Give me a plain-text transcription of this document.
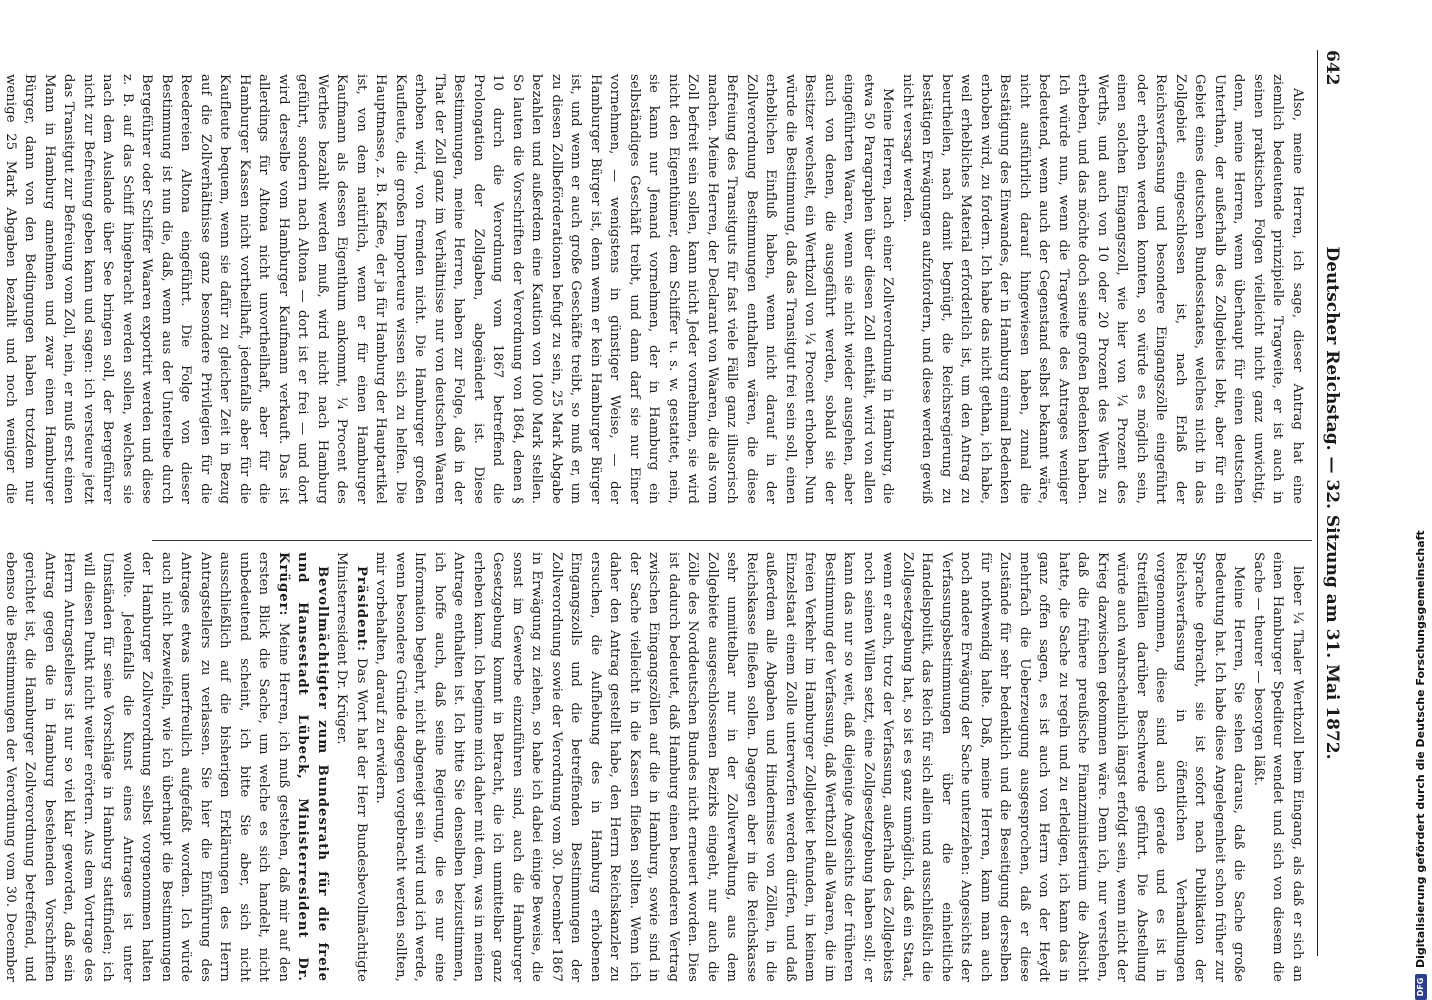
642
Deutscher Reichstag. — 32. Sitzung am 31. Mai 1872.

Also, meine Herren, ich sage, dieser Antrag hat eine ziemlich bedeutende prinzipielle Tragweite, er ist auch in seinen praktischen Folgen vielleicht nicht ganz unwichtig, denn, meine Herren, wenn überhaupt für einen deutschen Unterthan, der außerhalb des Zollgebiets lebt, aber für ein Gebiet eines deutschen Bundesstaates, welches nicht in das Zollgebiet eingeschlossen ist, nach Erlaß der Reichsverfassung und besondere Eingangszölle eingeführt oder erhoben werden konnten, so würde es möglich sein, einen solchen Eingangszoll, wie hier von ¼ Prozent des Werths, und auch von 10 oder 20 Prozent des Werths zu erheben, und das möchte doch seine großen Bedenken haben. Ich würde nun, wenn die Tragweite des Antrages weniger bedeutend, wenn auch der Gegenstand selbst bekannt wäre, nicht ausführlich darauf hingewiesen haben, zumal die Bestätigung des Einwandes, der in Hamburg einmal Bedenken erhoben wird, zu fordern. Ich habe das nicht gethan, ich habe, weil erhebliches Material erforderlich ist, um den Antrag zu beurtheilen, nach damit begnügt, die Reichsregierung zu bestätigen Erwägungen aufzufordern, und diese werden gewiß nicht versagt werden.

Meine Herren, nach einer Zollverordnung in Hamburg, die etwa 50 Paragraphen über diesen Zoll enthält, wird von allen eingeführten Waaren, wenn sie nicht wieder ausgehen, aber auch von denen, die ausgeführt werden, sobald sie der Besitzer wechselt, ein Werthzoll von ¼ Procent erhoben. Nun würde die Bestimmung, daß das Transitgut frei sein soll, einen erheblichen Einfluß haben, wenn nicht darauf in der Zollverordnung Bestimmungen enthalten wären, die diese Befreiung des Transitguts für fast viele Fälle ganz illusorisch machen. Meine Herren, der Declarant von Waaren, die als vom Zoll befreit sein sollen, kann nicht Jeder vornehmen, sie wird nicht den Eigenthümer, dem Schiffer u. s. w. gestattet, nein, sie kann nur Jemand vornehmen, der in Hamburg ein selbständiges Geschäft treibt, und dann darf sie nur Einer vornehmen, — wenigstens in günstiger Weise, — der Hamburger Bürger ist, denn wenn er kein Hamburger Bürger ist, und wenn er auch große Geschäfte treibt, so muß er, um zu diesen Zollbeförderationen befugt zu sein, 25 Mark Abgabe bezahlen und außerdem eine Kaution von 1000 Mark stellen. So lauten die Vorschriften der Verordnung von 1864, denen § 10 durch die Verordnung vom 1867 betreffend die Prolongation der Zollgaben, abgeändert ist. Diese Bestimmungen, meine Herren, haben zur Folge, daß in der That der Zoll ganz im Verhältnisse nur von deutschen Waaren erhoben wird, von fremden nicht. Die Hamburger großen Kaufleute, die großen Importeure wissen sich zu helfen. Die Hauptmasse, z. B. Kaffee, der ja für Hamburg der Hauptartikel ist, von dem natürlich, wenn er für einen Hamburger Kaufmann als dessen Eigenthum ankommt, ¼ Procent des Werthes bezahlt werden muß, wird nicht nach Hamburg geführt, sondern nach Altona — dort ist er frei — und dort wird derselbe vom Hamburger Kaufmann verkauft. Das ist allerdings für Altona nicht unvortheilhaft, aber für die Hamburger Kassen nicht vortheilhaft, jedenfalls aber für die Kaufleute bequem, wenn sie dafür zu gleicher Zeit in Bezug auf die Zollverhältnisse ganz besondere Privilegien für die Reedereien Altona eingeführt. Die Folge von dieser Bestimmung ist nun die, daß, wenn aus der Unterelbe durch Bergeführer oder Schiffer Waaren exportirt werden und diese z. B. auf das Schiff hingebracht werden sollen, welches sie nach dem Auslande über See bringen soll, der Bergeführer nicht zur Befreiung geben kann und sagen: ich versteure jetzt das Transitgut zur Befreiung vom Zoll, nein, er muß erst einen Mann in Hamburg annehmen und zwar einen Hamburger Bürger, dann von den Bedingungen haben trotzdem nur wenige 25 Mark Abgaben bezahlt und noch weniger die

lieber ¼ Thaler Werthzoll beim Eingang, als daß er sich an einen Hamburger Spediteur wendet und sich von diesem die Sache — theurer — besorgen läßt.

Meine Herren, Sie sehen daraus, daß die Sache große Bedeutung hat. Ich habe diese Angelegenheit schon früher zur Sprache gebracht, sie ist sofort nach Publikation der Reichsverfassung in öffentlichen Verhandlungen vorgenommen, diese sind auch gerade und es ist in Streitfällen darüber Beschwerde geführt. Die Abstellung würde auch wahrscheinlich längst erfolgt sein, wenn nicht der Krieg dazwischen gekommen wäre. Denn ich, nur verstehen, daß die frühere preußische Finanzministerium die Absicht hatte, die Sache zu regeln und zu erledigen, ich kann das in ganz offen sagen, es ist auch von Herrn von der Heydt mehrfach die Ueberzeugung ausgesprochen, daß er diese Zustände für sehr bedenklich und die Beseitigung derselben für nothwendig halte. Daß, meine Herren, kann man auch noch andere Erwägung der Sache unterziehen: Angesichts der Verfassungsbestimmungen über die einheitliche Handelspolitik, das Reich für sich allein und ausschließlich die Zollgesetzgebung hat, so ist es ganz unmöglich, daß ein Staat, wenn er auch, trotz der Verfassung, außerhalb des Zollgebiets noch seinen Willen setzt, eine Zollgesetzgebung haben soll; er kann das nur so weit, daß diejenige Angesichts der früheren Bestimmung der Verfassung, daß Werthzoll alle Waaren, die im freien Verkehr im Hamburger Zollgebiet befunden, in keinem Einzelstaat einem Zolle unterworfen werden dürfen, und daß außerdem alle Abgaben und Hindernisse von Zöllen, in die Reichskasse fließen sollen. Dagegen aber in die Reichskasse sehr unmittelbar nur in der Zollverwaltung, aus dem Zollgebiete ausgeschlossenen Bezirks eingeht, nur auch die Zölle des Norddeutschen Bundes nicht erneuert worden. Dies ist dadurch bedeutet, daß Hamburg einen besonderen Vertrag zwischen Eingangszöllen auf die in Hamburg, sowie sind in der Sache vielleicht in die Kassen fließen sollten. Wenn ich daher den Antrag gestellt habe, den Herrn Reichskanzler zu ersuchen, die Aufhebung des in Hamburg erhobenen Eingangszolls und die betreffenden Bestimmungen der Zollverordnung sowie der Verordnung vom 30. December 1867 in Erwägung zu ziehen, so habe ich dabei einige Beweise, die sonst im Gewerbe einzuführen sind, auch die Hamburger Gesetzgebung kommt in Betracht, die ich unmittelbar ganz erheben kann. Ich beginne mich daher mit dem, was in meinen Antrage enthalten ist. Ich bitte Sie denselben beizustimmen, ich hoffe auch, daß seine Regierung, die es nur eine Information begehrt, nicht abgeneigt sein wird und ich werde, wenn besondere Gründe dagegen vorgebracht werden sollten, mir vorbehalten, darauf zu erwidern.

Präsident: Das Wort hat der Herr Bundesbevollmächtigte Ministerresident Dr. Krüger.

Bevollmächtigter zum Bundesrath für die freie und Hansestadt Lübeck, Ministerresident Dr. Krüger: Meine Herren, ich muß gestehen, daß mir auf den ersten Blick die Sache, um welche es sich handelt, nicht unbedeutend scheint, ich bitte Sie aber, sich nicht ausschließlich auf die bisherigen Erklärungen des Herrn Antragstellers zu verlassen. Sie hier die Einführung des Antrages etwas unerfreulich aufgefaßt worden. Ich würde auch nicht bezweifeln, wie ich überhaupt die Bestimmungen der Hamburger Zollverordnung selbst vorgenommen halten wollte. Jedenfalls die Kunst eines Antrages ist unter Umständen für seine Vorschläge in Hamburg stattfinden; ich will diesen Punkt nicht weiter erörtern. Aus dem Vortrage des Herrn Antragstellers ist nur so viel klar geworden, daß sein Antrag gegen die in Hamburg bestehenden Vorschriften gerichtet ist, die Hamburger Zollverordnung betreffend, und ebenso die Bestimmungen der Verordnung vom 30. December

DFGDigitalisierung gefördert durch die Deutsche Forschungsgemeinschaft
